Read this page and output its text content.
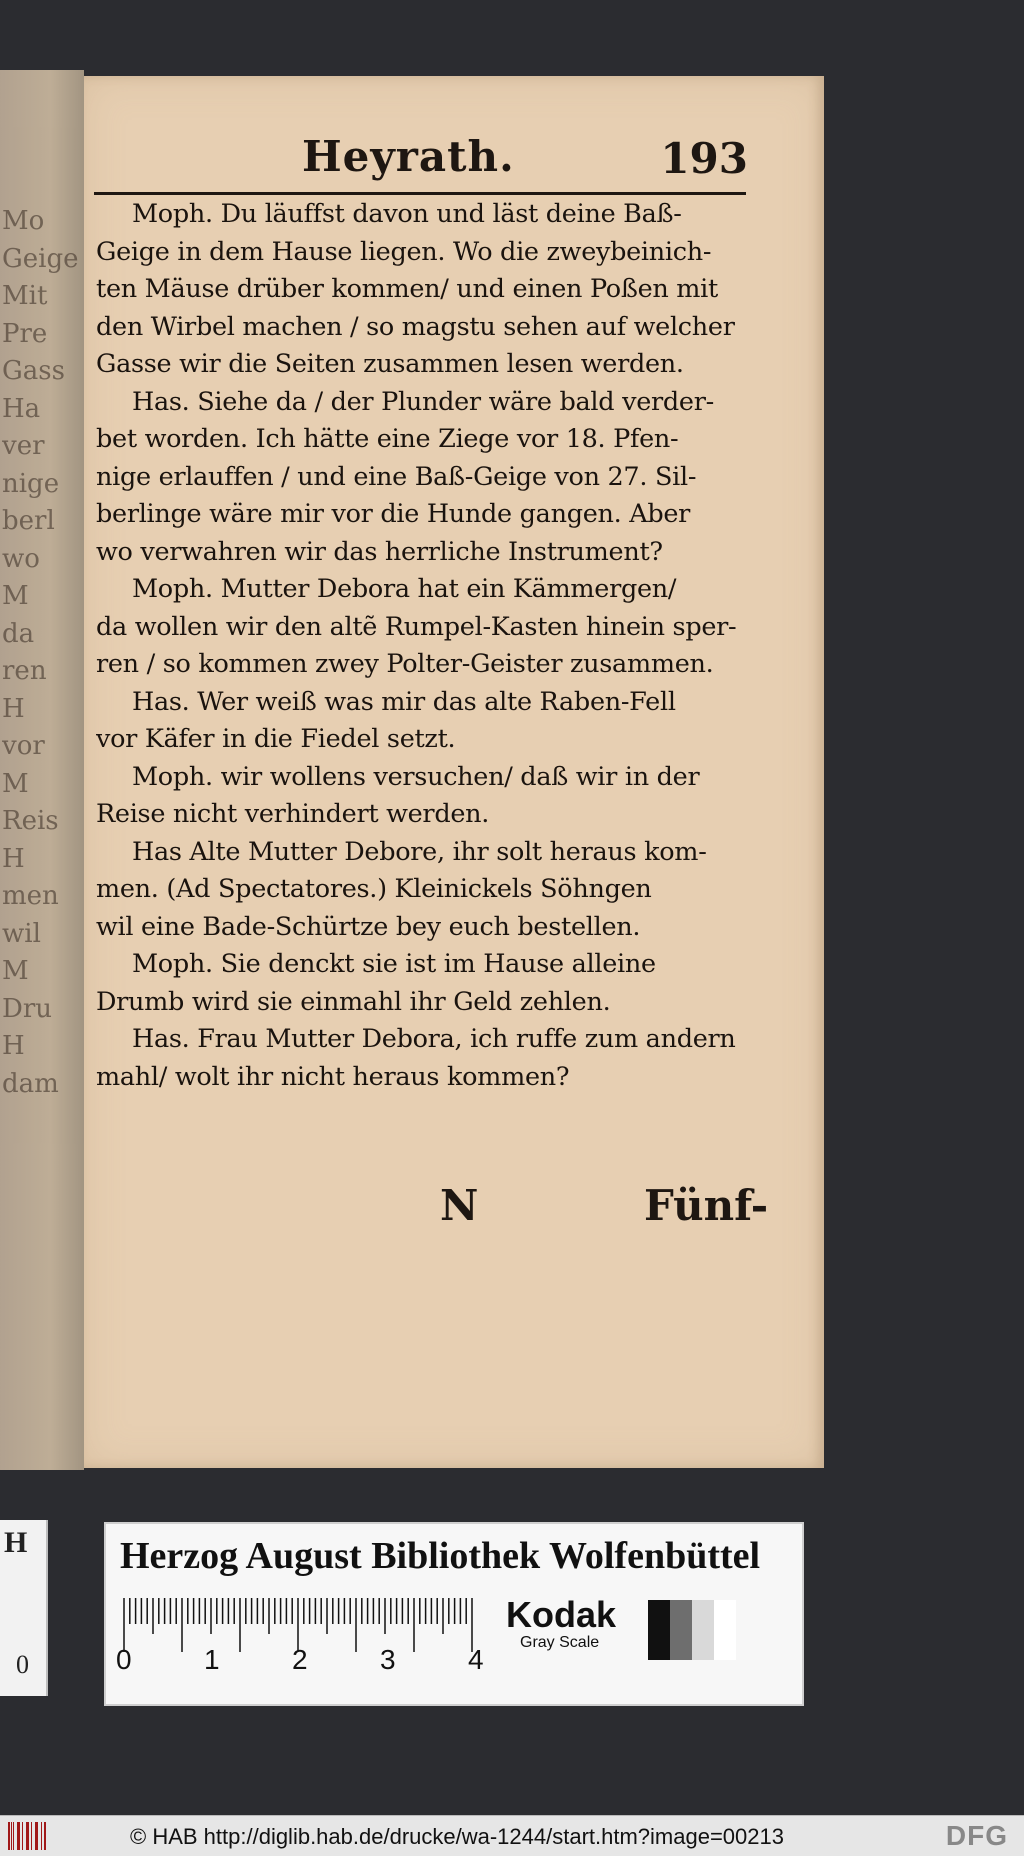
Mo
Geige
Mit
Pre
Gass
Ha
ver
nige
berl
wo
M
da
ren
H
vor
M
Reis
H
men
wil
M
Dru
H
dam
H
0
Heyrath.	193
Moph. Du läuffst davon und läst deine Baß-
Geige in dem Hause liegen. Wo die zweybeinich-
ten Mäuse drüber kommen/ und einen Poßen mit
den Wirbel machen / so magstu sehen auf welcher
Gasse wir die Seiten zusammen lesen werden.
Has. Siehe da / der Plunder wäre bald verder-
bet worden. Ich hätte eine Ziege vor 18. Pfen-
nige erlauffen / und eine Baß-Geige von 27. Sil-
berlinge wäre mir vor die Hunde gangen. Aber
wo verwahren wir das herrliche Instrument?
Moph. Mutter Debora hat ein Kämmergen/
da wollen wir den altẽ Rumpel-Kasten hinein sper-
ren / so kommen zwey Polter-Geister zusammen.
Has. Wer weiß was mir das alte Raben-Fell
vor Käfer in die Fiedel setzt.
Moph. wir wollens versuchen/ daß wir in der
Reise nicht verhindert werden.
Has Alte Mutter Debore, ihr solt heraus kom-
men. (Ad Spectatores.) Kleinickels Söhngen
wil eine Bade-Schürtze bey euch bestellen.
Moph. Sie denckt sie ist im Hause alleine
Drumb wird sie einmahl ihr Geld zehlen.
Has. Frau Mutter Debora, ich ruffe zum andern
mahl/ wolt ihr nicht heraus kommen?
N	Fünf-
Herzog August Bibliothek Wolfenbüttel
0	1	2	3	4
Kodak
Gray Scale
© HAB http://diglib.hab.de/drucke/wa-1244/start.htm?image=00213	DFG
